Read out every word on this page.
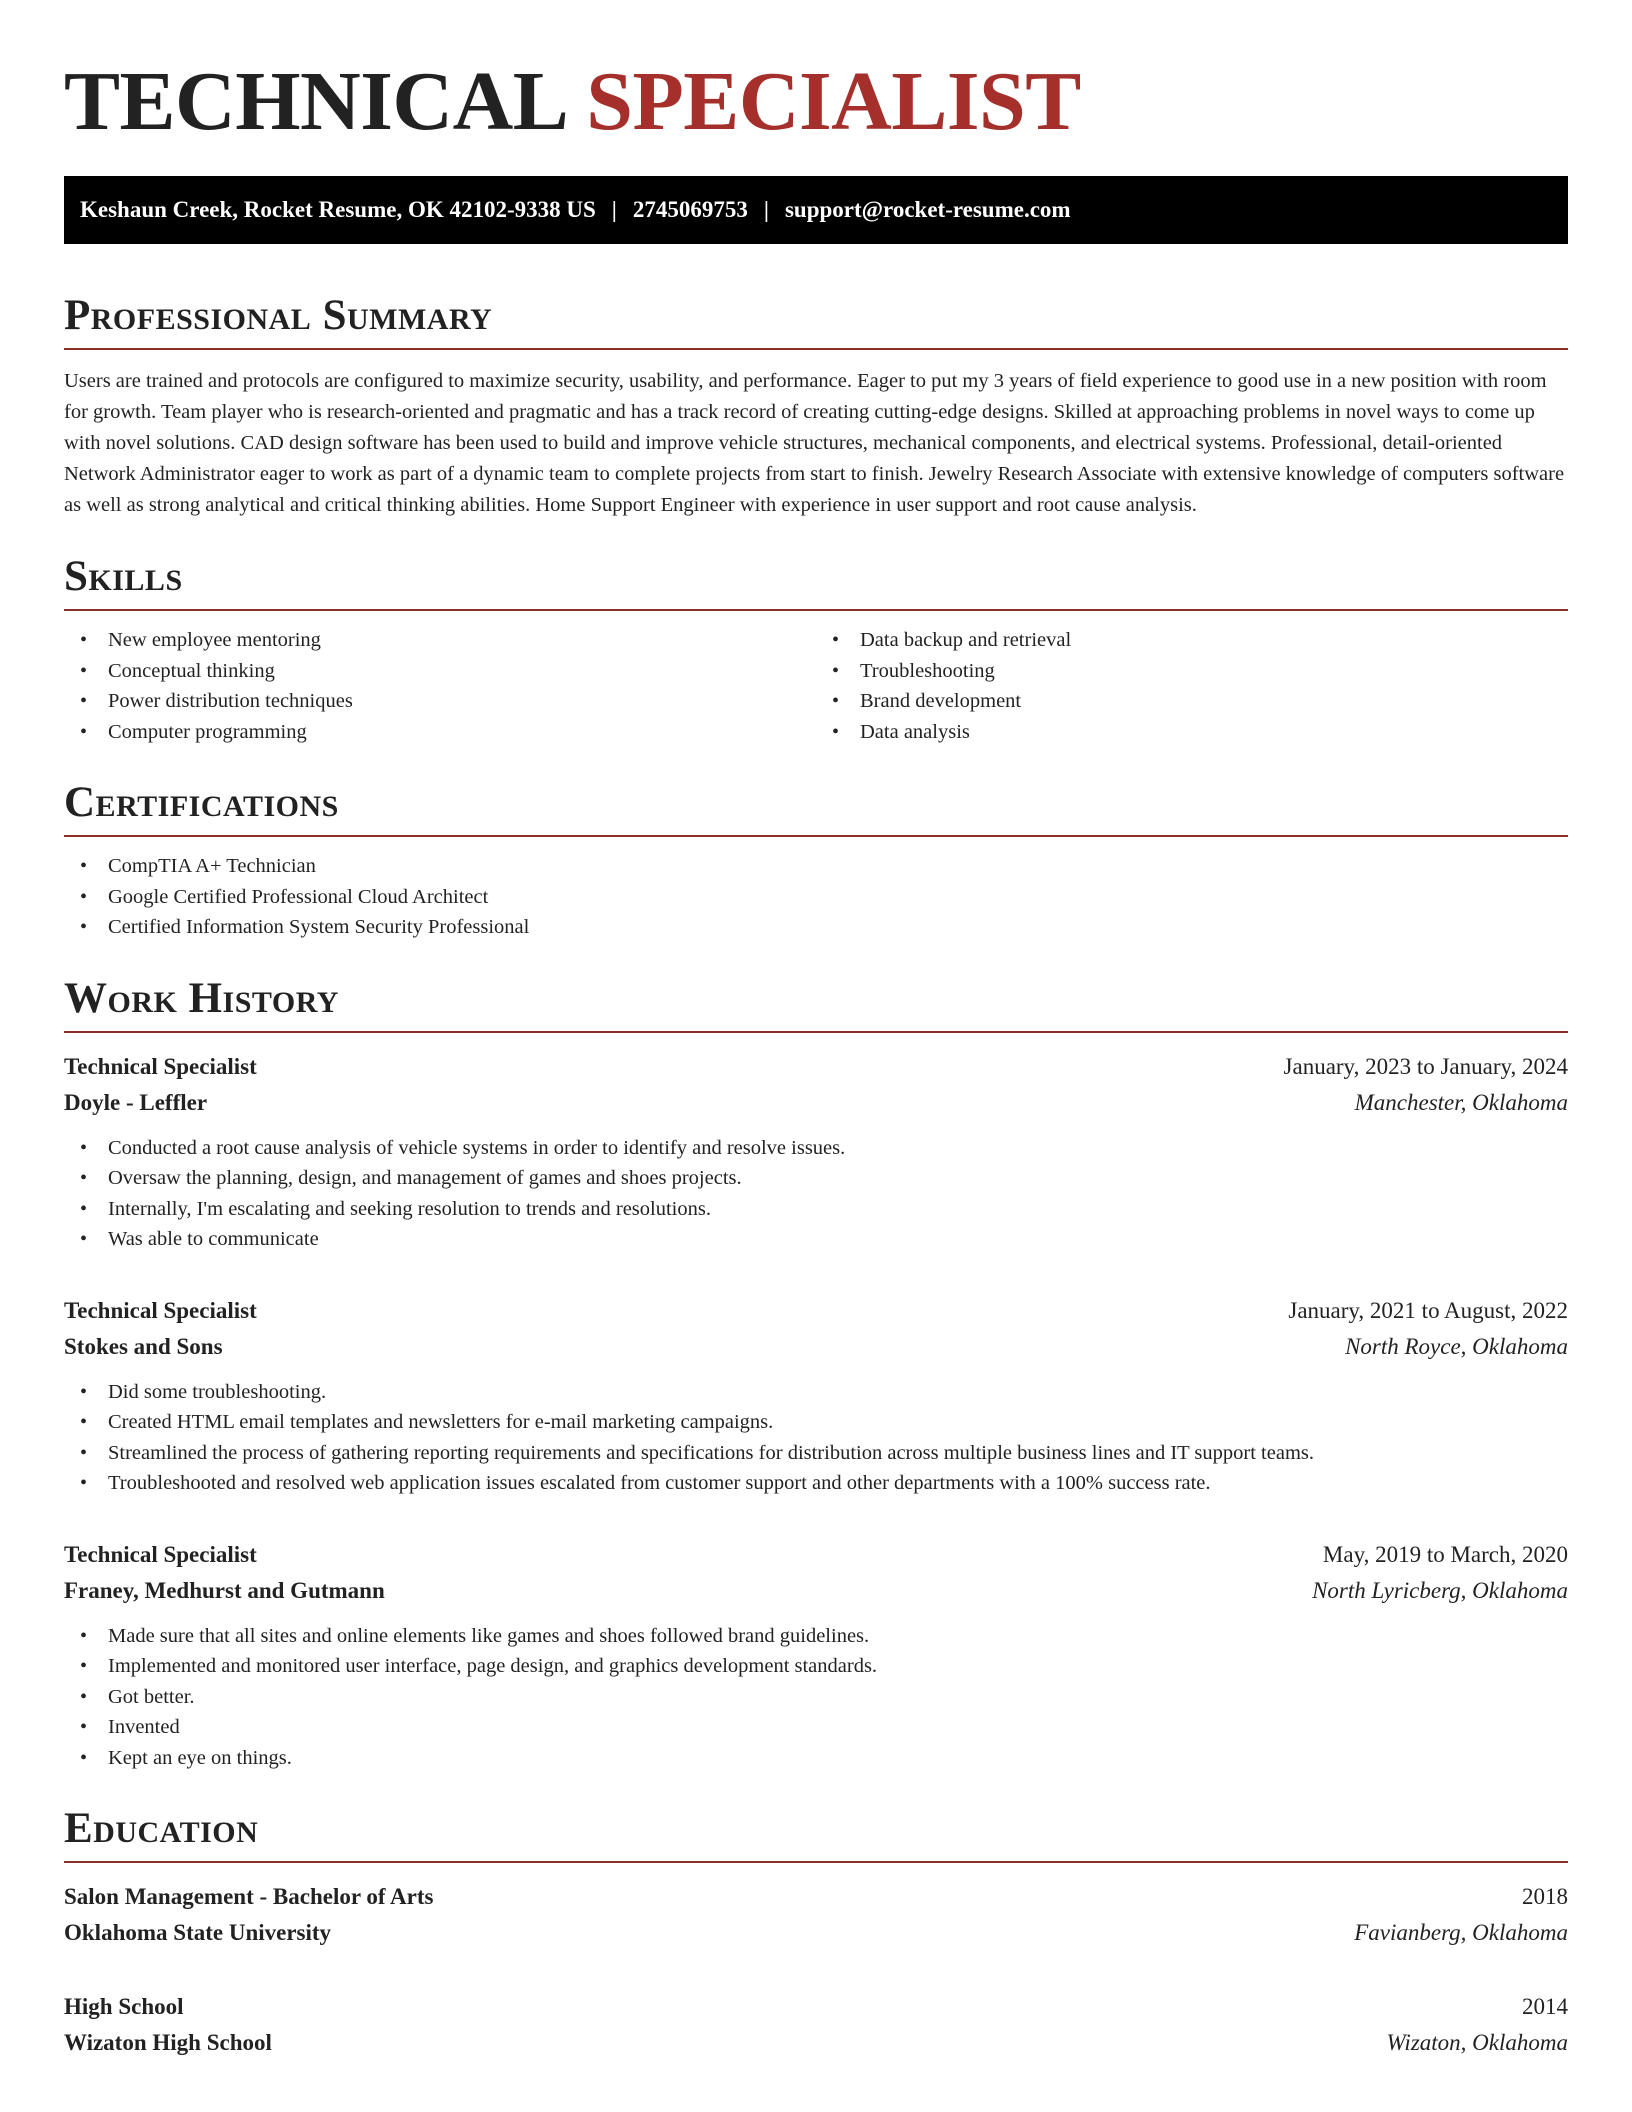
TECHNICAL SPECIALIST
Keshaun Creek, Rocket Resume, OK 42102-9338 US | 2745069753 | support@rocket-resume.com
Professional Summary
Users are trained and protocols are configured to maximize security, usability, and performance. Eager to put my 3 years of field experience to good use in a new position with room for growth. Team player who is research-oriented and pragmatic and has a track record of creating cutting-edge designs. Skilled at approaching problems in novel ways to come up with novel solutions. CAD design software has been used to build and improve vehicle structures, mechanical components, and electrical systems. Professional, detail-oriented Network Administrator eager to work as part of a dynamic team to complete projects from start to finish. Jewelry Research Associate with extensive knowledge of computers software as well as strong analytical and critical thinking abilities. Home Support Engineer with experience in user support and root cause analysis.
Skills
• New employee mentoring
• Conceptual thinking
• Power distribution techniques
• Computer programming
• Data backup and retrieval
• Troubleshooting
• Brand development
• Data analysis
Certifications
• CompTIA A+ Technician
• Google Certified Professional Cloud Architect
• Certified Information System Security Professional
Work History
Technical Specialist	January, 2023 to January, 2024
Doyle - Leffler	Manchester, Oklahoma
• Conducted a root cause analysis of vehicle systems in order to identify and resolve issues.
• Oversaw the planning, design, and management of games and shoes projects.
• Internally, I'm escalating and seeking resolution to trends and resolutions.
• Was able to communicate
Technical Specialist	January, 2021 to August, 2022
Stokes and Sons	North Royce, Oklahoma
• Did some troubleshooting.
• Created HTML email templates and newsletters for e-mail marketing campaigns.
• Streamlined the process of gathering reporting requirements and specifications for distribution across multiple business lines and IT support teams.
• Troubleshooted and resolved web application issues escalated from customer support and other departments with a 100% success rate.
Technical Specialist	May, 2019 to March, 2020
Franey, Medhurst and Gutmann	North Lyricberg, Oklahoma
• Made sure that all sites and online elements like games and shoes followed brand guidelines.
• Implemented and monitored user interface, page design, and graphics development standards.
• Got better.
• Invented
• Kept an eye on things.
Education
Salon Management - Bachelor of Arts	2018
Oklahoma State University	Favianberg, Oklahoma
High School	2014
Wizaton High School	Wizaton, Oklahoma
